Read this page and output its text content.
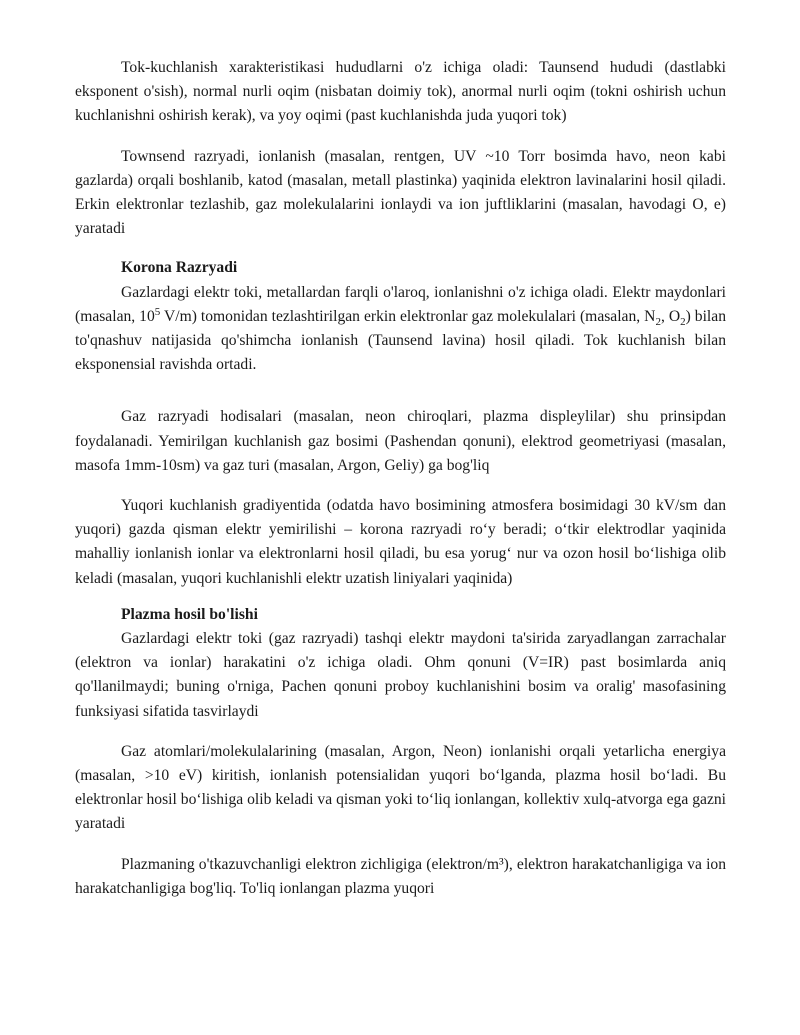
Tok-kuchlanish xarakteristikasi hududlarni o'z ichiga oladi: Taunsend hududi (dastlabki eksponent o'sish), normal nurli oqim (nisbatan doimiy tok), anormal nurli oqim (tokni oshirish uchun kuchlanishni oshirish kerak), va yoy oqimi (past kuchlanishda juda yuqori tok)

Townsend razryadi, ionlanish (masalan, rentgen, UV ~10 Torr bosimda havo, neon kabi gazlarda) orqali boshlanib, katod (masalan, metall plastinka) yaqinida elektron lavinalarini hosil qiladi. Erkin elektronlar tezlashib, gaz molekulalarini ionlaydi va ion juftliklarini (masalan, havodagi O, e) yaratadi

Korona Razryadi

Gazlardagi elektr toki, metallardan farqli o'laroq, ionlanishni o'z ichiga oladi. Elektr maydonlari (masalan, $10^5$ V/m) tomonidan tezlashtirilgan erkin elektronlar gaz molekulalari (masalan, $N_2$, $O_2$) bilan to'qnashuv natijasida qo'shimcha ionlanish (Taunsend lavina) hosil qiladi. Tok kuchlanish bilan eksponensial ravishda ortadi.

Gaz razryadi hodisalari (masalan, neon chiroqlari, plazma displeylilar) shu prinsipdan foydalanadi. Yemirilgan kuchlanish gaz bosimi (Pashendan qonuni), elektrod geometriyasi (masalan, masofa 1mm-10sm) va gaz turi (masalan, Argon, Geliy) ga bog'liq

Yuqori kuchlanish gradiyentida (odatda havo bosimining atmosfera bosimidagi 30 kV/sm dan yuqori) gazda qisman elektr yemirilishi – korona razryadi ro‘y beradi; o‘tkir elektrodlar yaqinida mahalliy ionlanish ionlar va elektronlarni hosil qiladi, bu esa yorug‘ nur va ozon hosil bo‘lishiga olib keladi (masalan, yuqori kuchlanishli elektr uzatish liniyalari yaqinida)

Plazma hosil bo'lishi

Gazlardagi elektr toki (gaz razryadi) tashqi elektr maydoni ta'sirida zaryadlangan zarrachalar (elektron va ionlar) harakatini o'z ichiga oladi. Ohm qonuni (V=IR) past bosimlarda aniq qo'llanilmaydi; buning o'rniga, Pachen qonuni proboy kuchlanishini bosim va oralig' masofasining funksiyasi sifatida tasvirlaydi

Gaz atomlari/molekulalarining (masalan, Argon, Neon) ionlanishi orqali yetarlicha energiya (masalan, >10 eV) kiritish, ionlanish potensialidan yuqori bo‘lganda, plazma hosil bo‘ladi. Bu elektronlar hosil bo‘lishiga olib keladi va qisman yoki to‘liq ionlangan, kollektiv xulq-atvorga ega gazni yaratadi

Plazmaning o'tkazuvchanligi elektron zichligiga (elektron/m³), elektron harakatchanligiga va ion harakatchanligiga bog'liq. To'liq ionlangan plazma yuqori
